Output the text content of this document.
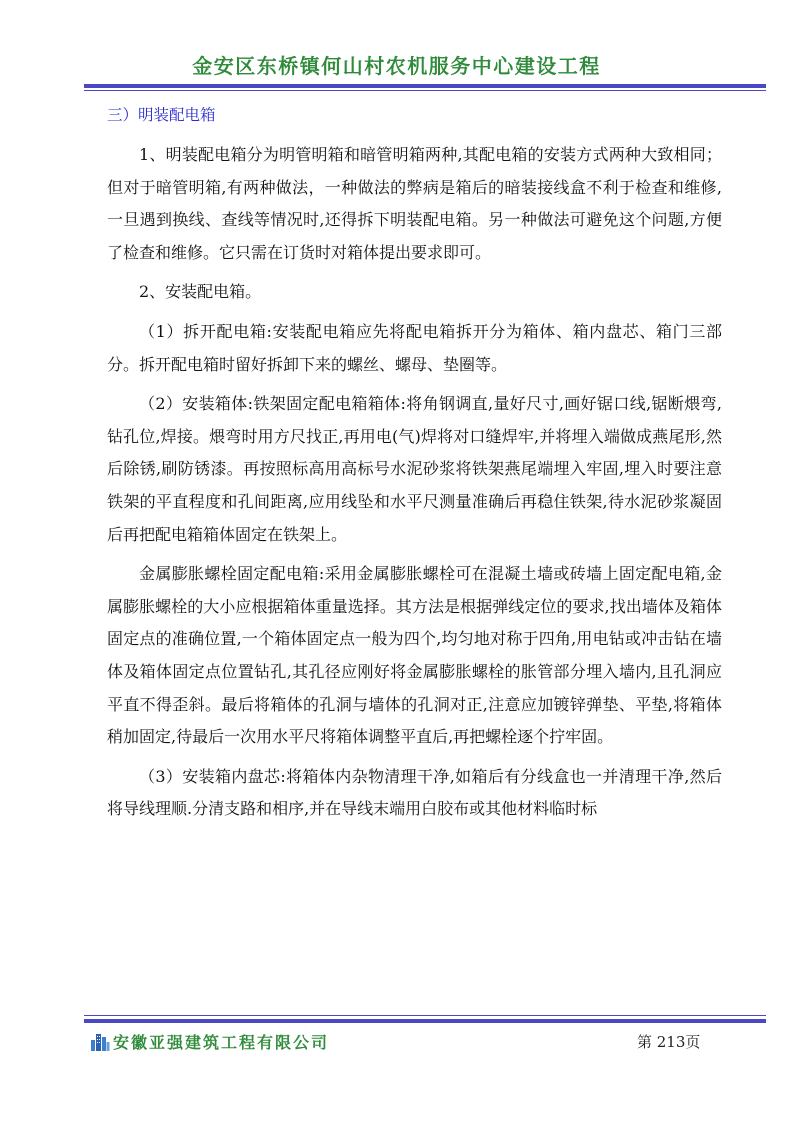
金安区东桥镇何山村农机服务中心建设工程
三）明装配电箱

1、明装配电箱分为明管明箱和暗管明箱两种,其配电箱的安装方式两种大致相同；但对于暗管明箱,有两种做法，一种做法的弊病是箱后的暗装接线盒不利于检查和维修,一旦遇到换线、查线等情况时,还得拆下明装配电箱。另一种做法可避免这个问题,方便了检查和维修。它只需在订货时对箱体提出要求即可。

2、安装配电箱。

（1）拆开配电箱:安装配电箱应先将配电箱拆开分为箱体、箱内盘芯、箱门三部分。拆开配电箱时留好拆卸下来的螺丝、螺母、垫圈等。

（2）安装箱体:铁架固定配电箱箱体:将角钢调直,量好尺寸,画好锯口线,锯断煨弯,钻孔位,焊接。煨弯时用方尺找正,再用电(气)焊将对口缝焊牢,并将埋入端做成燕尾形,然后除锈,刷防锈漆。再按照标高用高标号水泥砂浆将铁架燕尾端埋入牢固,埋入时要注意铁架的平直程度和孔间距离,应用线坠和水平尺测量准确后再稳住铁架,待水泥砂浆凝固后再把配电箱箱体固定在铁架上。

金属膨胀螺栓固定配电箱:采用金属膨胀螺栓可在混凝土墙或砖墙上固定配电箱,金属膨胀螺栓的大小应根据箱体重量选择。其方法是根据弹线定位的要求,找出墙体及箱体固定点的准确位置,一个箱体固定点一般为四个,均匀地对称于四角,用电钻或冲击钻在墙体及箱体固定点位置钻孔,其孔径应刚好将金属膨胀螺栓的胀管部分埋入墙内,且孔洞应平直不得歪斜。最后将箱体的孔洞与墙体的孔洞对正,注意应加镀锌弹垫、平垫,将箱体稍加固定,待最后一次用水平尺将箱体调整平直后,再把螺栓逐个拧牢固。

（3）安装箱内盘芯:将箱体内杂物清理干净,如箱后有分线盒也一并清理干净,然后将导线理顺.分清支路和相序,并在导线末端用白胶布或其他材料临时标

安徽亚强建筑工程有限公司	第 213页
